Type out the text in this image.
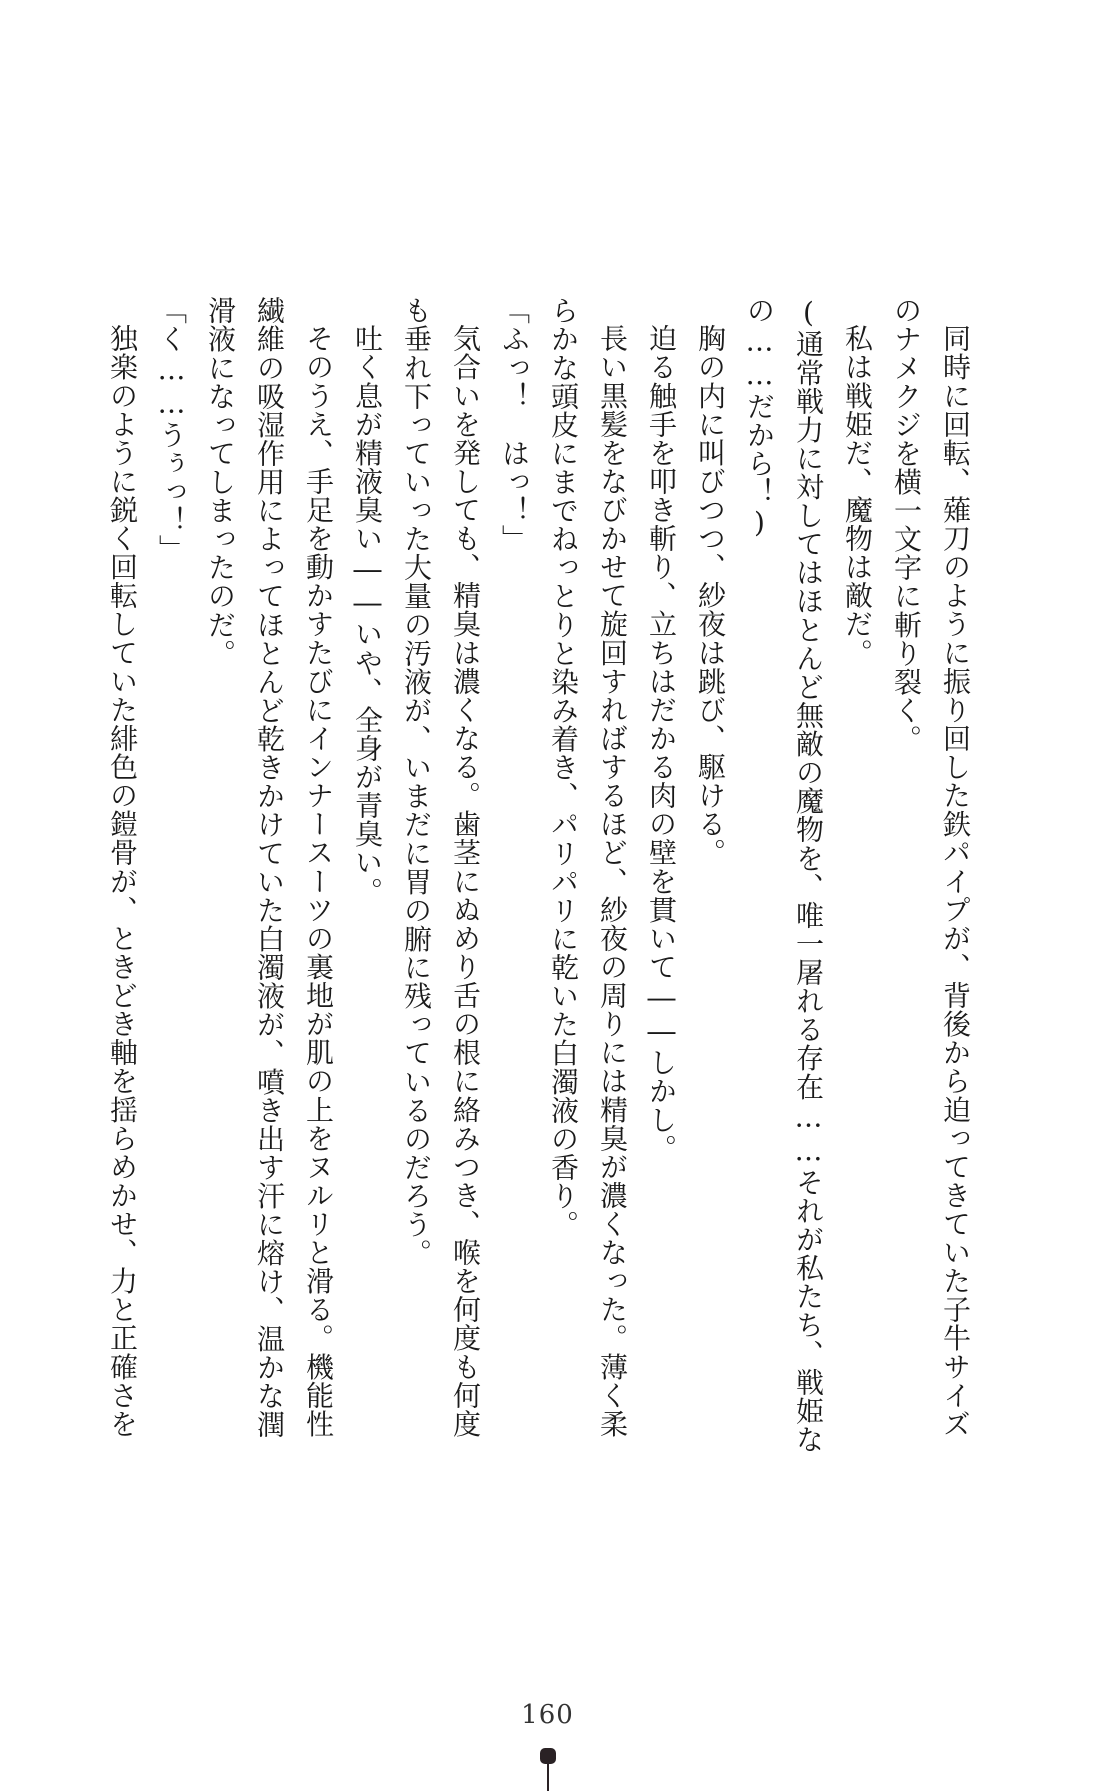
同時に回転、薙刀のように振り回した鉄パイプが、背後から迫ってきていた子牛サイズ

のナメクジを横一文字に斬り裂く。

私は戦姫だ、魔物は敵だ。

(通常戦力に対してはほとんど無敵の魔物を、唯一屠れる存在……それが私たち、戦姫な

の……だから！)

胸の内に叫びつつ、紗夜は跳び、駆ける。

迫る触手を叩き斬り、立ちはだかる肉の壁を貫いて――しかし。

長い黒髪をなびかせて旋回すればするほど、紗夜の周りには精臭が濃くなった。薄く柔

らかな頭皮にまでねっとりと染み着き、パリパリに乾いた白濁液の香り。

「ふっ！　はっ！」

気合いを発しても、精臭は濃くなる。歯茎にぬめり舌の根に絡みつき、喉を何度も何度

も垂れ下っていった大量の汚液が、いまだに胃の腑に残っているのだろう。

吐く息が精液臭い――いや、全身が青臭い。

そのうえ、手足を動かすたびにインナースーツの裏地が肌の上をヌルリと滑る。機能性

繊維の吸湿作用によってほとんど乾きかけていた白濁液が、噴き出す汗に熔け、温かな潤

滑液になってしまったのだ。

「く……うぅっ！」

独楽のように鋭く回転していた緋色の鎧骨が、ときどき軸を揺らめかせ、力と正確さを

160
